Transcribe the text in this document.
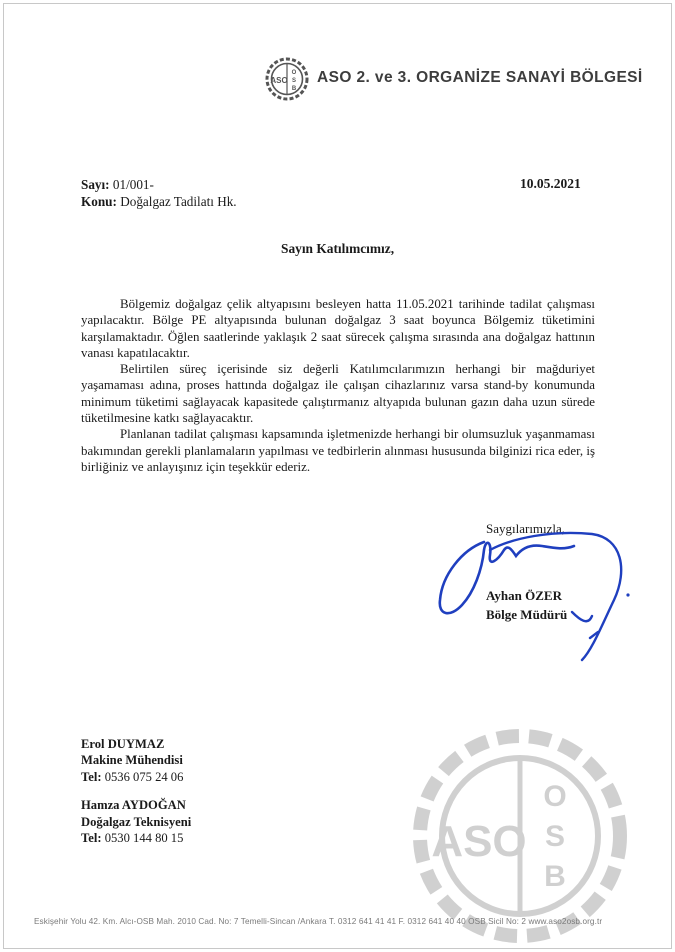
ASO
O
S
B
ASO 2. ve 3. ORGANİZE SANAYİ BÖLGESİ
Sayı: 01/001-
Konu: Doğalgaz Tadilatı Hk.
10.05.2021
Sayın Katılımcımız,

Bölgemiz doğalgaz çelik altyapısını besleyen hatta 11.05.2021 tarihinde tadilat çalışması yapılacaktır. Bölge PE altyapısında bulunan doğalgaz 3 saat boyunca Bölgemiz tüketimini karşılamaktadır. Öğlen saatlerinde yaklaşık 2 saat sürecek çalışma sırasında ana doğalgaz hattının vanası kapatılacaktır.

Belirtilen süreç içerisinde siz değerli Katılımcılarımızın herhangi bir mağduriyet yaşamaması adına, proses hattında doğalgaz ile çalışan cihazlarınız varsa stand-by konumunda minimum tüketimi sağlayacak kapasitede çalıştırmanız altyapıda bulunan gazın daha uzun sürede tüketilmesine katkı sağlayacaktır.

Planlanan tadilat çalışması kapsamında işletmenizde herhangi bir olumsuzluk yaşanmaması bakımından gerekli planlamaların yapılması ve tedbirlerin alınması hususunda bilginizi rica eder, iş birliğiniz ve anlayışınız için teşekkür ederiz.

Saygılarımızla,
Ayhan ÖZER
Bölge Müdürü
Erol DUYMAZ
Makine Mühendisi
Tel: 0536 075 24 06
Hamza AYDOĞAN
Doğalgaz Teknisyeni
Tel: 0530 144 80 15	ASO
O
S
B
Eskişehir Yolu 42. Km. Alcı-OSB Mah. 2010 Cad. No: 7 Temelli-Sincan /Ankara T. 0312 641 41 41 F. 0312 641 40 40 OSB Sicil No: 2 www.aso2osb.org.tr
